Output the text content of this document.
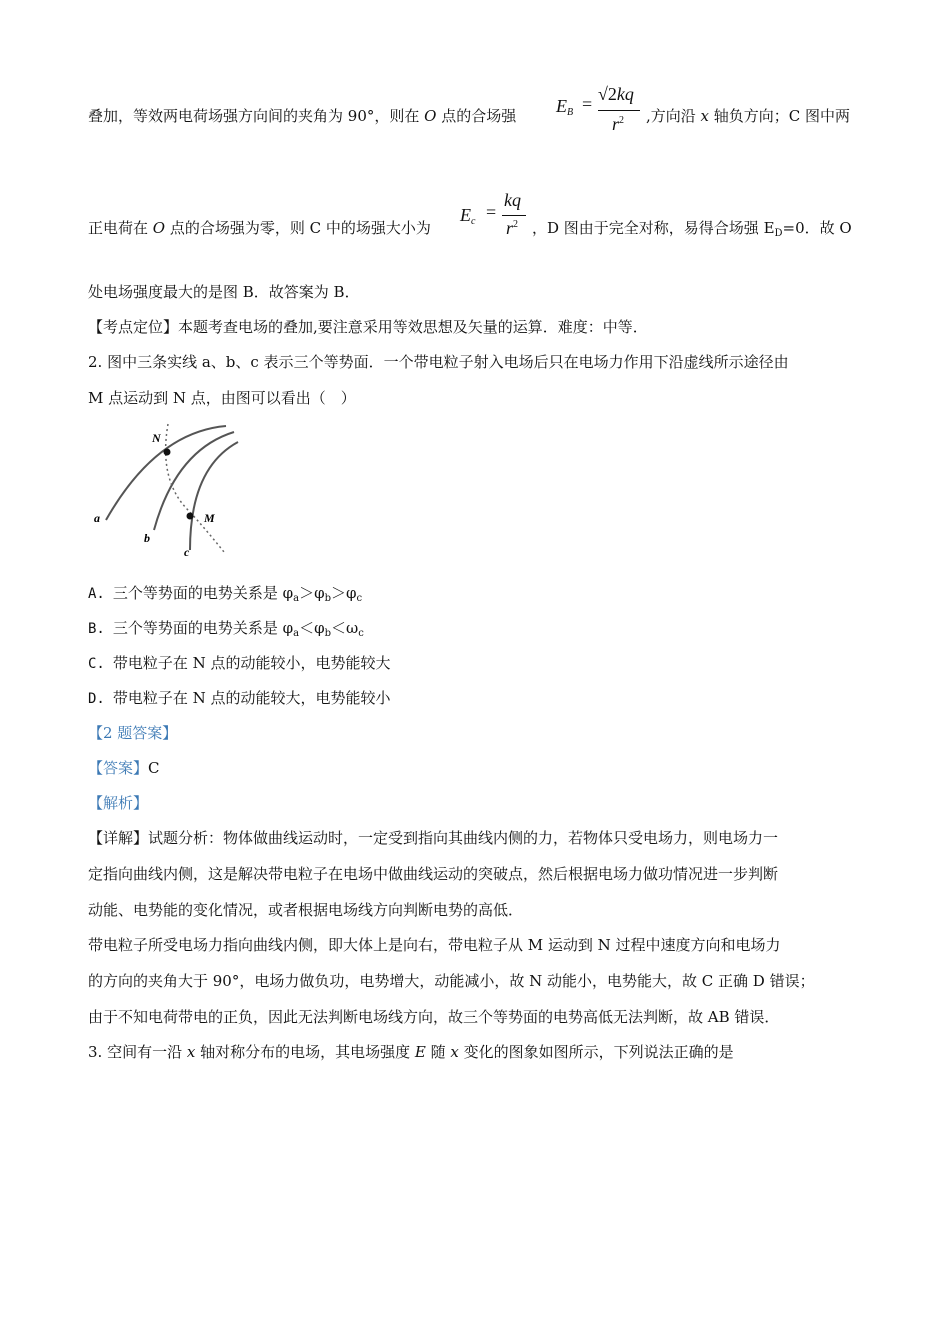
叠加，等效两电荷场强方向间的夹角为 90°，则在 O 点的合场强 $E_B = √2kq$
$r^2$ ,方向沿 x 轴负方向；C 图中两
正电荷在 O 点的合场强为零，则 C 中的场强大小为
$E_c$ =
kq
$r^2$ ，D 图由于完全对称，易得合场强 $E_D=0$．故 O
处电场强度最大的是图 B．故答案为 B．
【考点定位】本题考查电场的叠加,要注意采用等效思想及矢量的运算．难度：中等．
2. 图中三条实线 a、b、c 表示三个等势面．一个带电粒子射入电场后只在电场力作用下沿虚线所示途径由
M 点运动到 N 点，由图可以看出（　）
N
M
a
b
c
A. 三个等势面的电势关系是 $\varphi_a>\varphi_b>\varphi_c$
B. 三个等势面的电势关系是 $\varphi_a<\varphi_b<\omega_c$
C. 带电粒子在 N 点的动能较小，电势能较大
D. 带电粒子在 N 点的动能较大，电势能较小
【2 题答案】
【答案】C
【解析】
【详解】试题分析：物体做曲线运动时，一定受到指向其曲线内侧的力，若物体只受电场力，则电场力一
定指向曲线内侧，这是解决带电粒子在电场中做曲线运动的突破点，然后根据电场力做功情况进一步判断
动能、电势能的变化情况，或者根据电场线方向判断电势的高低．
带电粒子所受电场力指向曲线内侧，即大体上是向右，带电粒子从 M 运动到 N 过程中速度方向和电场力
的方向的夹角大于 90°，电场力做负功，电势增大，动能减小，故 N 动能小，电势能大，故 C 正确 D 错误；
由于不知电荷带电的正负，因此无法判断电场线方向，故三个等势面的电势高低无法判断，故 AB 错误．
3. 空间有一沿 x 轴对称分布的电场，其电场强度 E 随 x 变化的图象如图所示，下列说法正确的是
